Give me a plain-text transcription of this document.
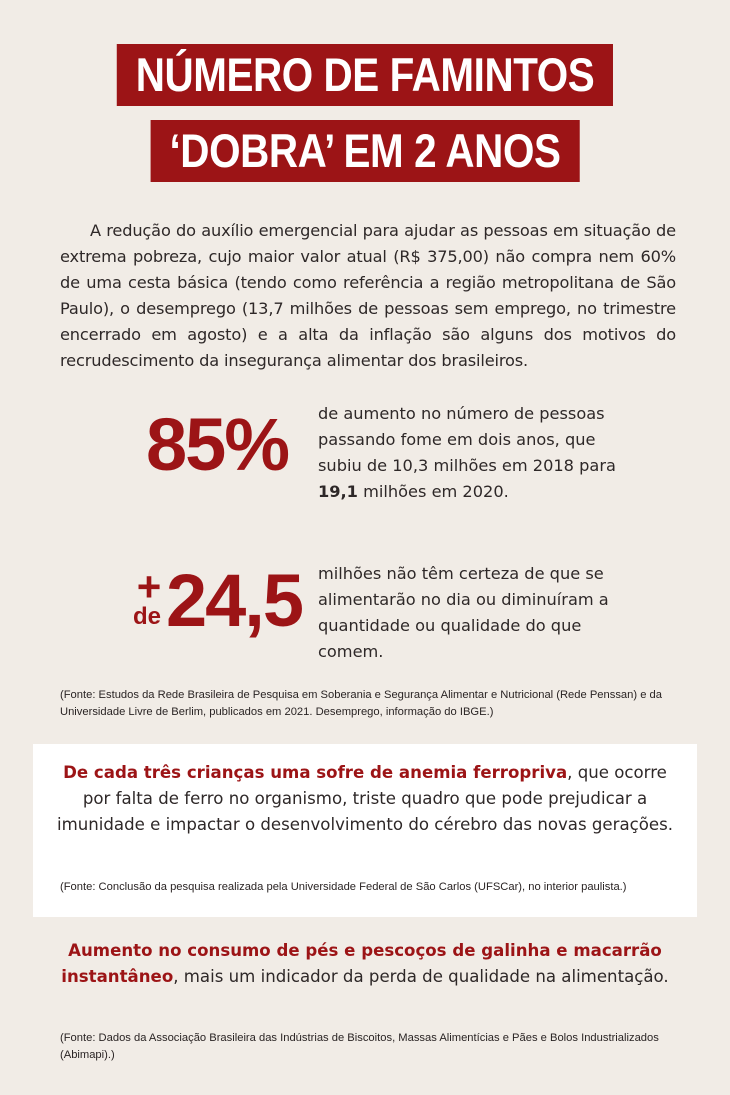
NÚMERO DE FAMINTOS
‘DOBRA’ EM 2 ANOS

A redução do auxílio emergencial para ajudar as pessoas em situação de extrema pobreza, cujo maior valor atual (R$ 375,00) não compra nem 60% de uma cesta básica (tendo como referência a região metropolitana de São Paulo), o desemprego (13,7 milhões de pessoas sem emprego, no trimestre encerrado em agosto) e a alta da inflação são alguns dos motivos do recrudescimento da insegurança alimentar dos brasileiros.

85% de aumento no número de pessoas passando fome em dois anos, que subiu de 10,3 milhões em 2018 para 19,1 milhões em 2020.

+
de 24,5 milhões não têm certeza de que se alimentarão no dia ou diminuíram a quantidade ou qualidade do que comem.

(Fonte: Estudos da Rede Brasileira de Pesquisa em Soberania e Segurança Alimentar e Nutricional (Rede Penssan) e da Universidade Livre de Berlim, publicados em 2021. Desemprego, informação do IBGE.)

De cada três crianças uma sofre de anemia ferropriva, que ocorre por falta de ferro no organismo, triste quadro que pode prejudicar a imunidade e impactar o desenvolvimento do cérebro das novas gerações.

(Fonte: Conclusão da pesquisa realizada pela Universidade Federal de São Carlos (UFSCar), no interior paulista.)

Aumento no consumo de pés e pescoços de galinha e macarrão instantâneo, mais um indicador da perda de qualidade na alimentação.

(Fonte: Dados da Associação Brasileira das Indústrias de Biscoitos, Massas Alimentícias e Pães e Bolos Industrializados (Abimapi).)
